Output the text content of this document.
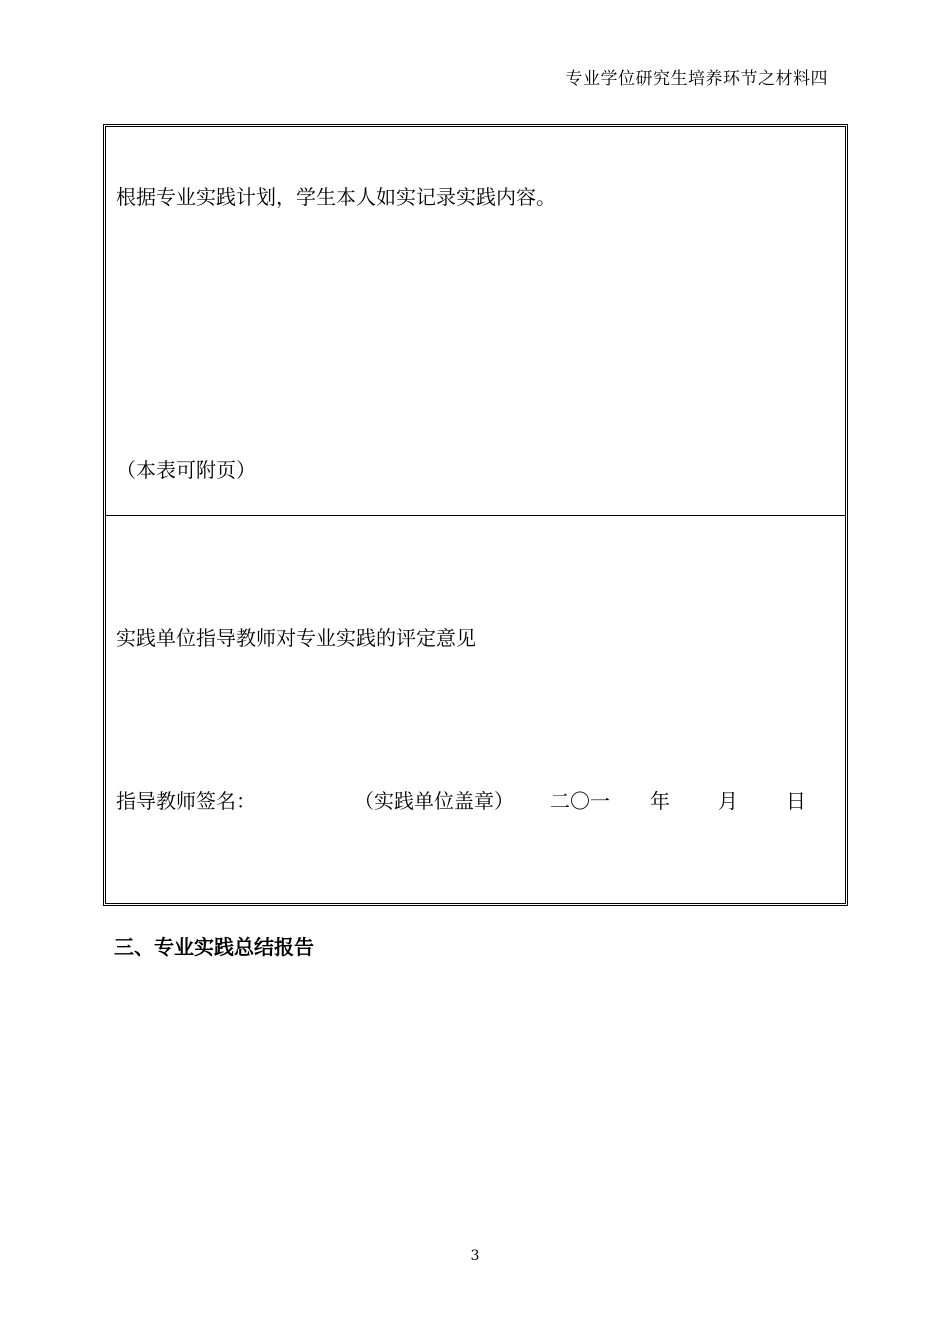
专业学位研究生培养环节之材料四
根据专业实践计划，学生本人如实记录实践内容。
（本表可附页）
实践单位指导教师对专业实践的评定意见
指导教师签名：	（实践单位盖章） 二〇一 年 月 日
三、专业实践总结报告
3
